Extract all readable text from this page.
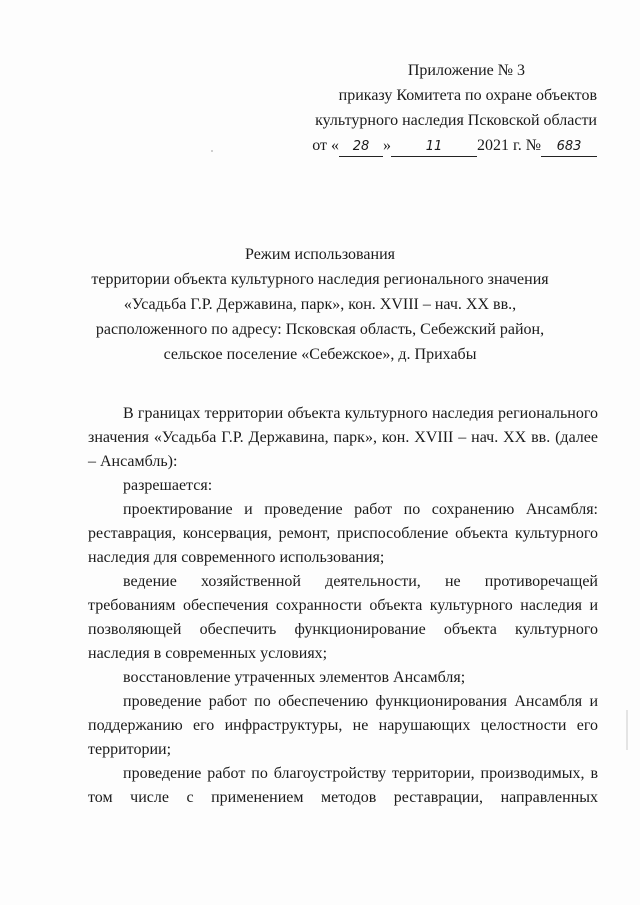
Приложение № 3
приказу Комитета по охране объектов
культурного наследия Псковской области
от « 28 »	11 2021 г. № 683
Режим использования
территории объекта культурного наследия регионального значения
«Усадьба Г.Р. Державина, парк», кон. XVIII – нач. XX вв.,
расположенного по адресу: Псковская область, Себежский район,
сельское поселение «Себежское», д. Прихабы

В границах территории объекта культурного наследия регионального значения «Усадьба Г.Р. Державина, парк», кон. XVIII – нач. XX вв. (далее – Ансамбль):

разрешается:

проектирование и проведение работ по сохранению Ансамбля: реставрация, консервация, ремонт, приспособление объекта культурного наследия для современного использования;

ведение хозяйственной деятельности, не противоречащей требованиям обеспечения сохранности объекта культурного наследия и позволяющей обеспечить функционирование объекта культурного наследия в современных условиях;

восстановление утраченных элементов Ансамбля;

проведение работ по обеспечению функционирования Ансамбля и поддержанию его инфраструктуры, не нарушающих целостности его территории;

проведение работ по благоустройству территории, производимых, в том числе с применением методов реставрации, направленных
